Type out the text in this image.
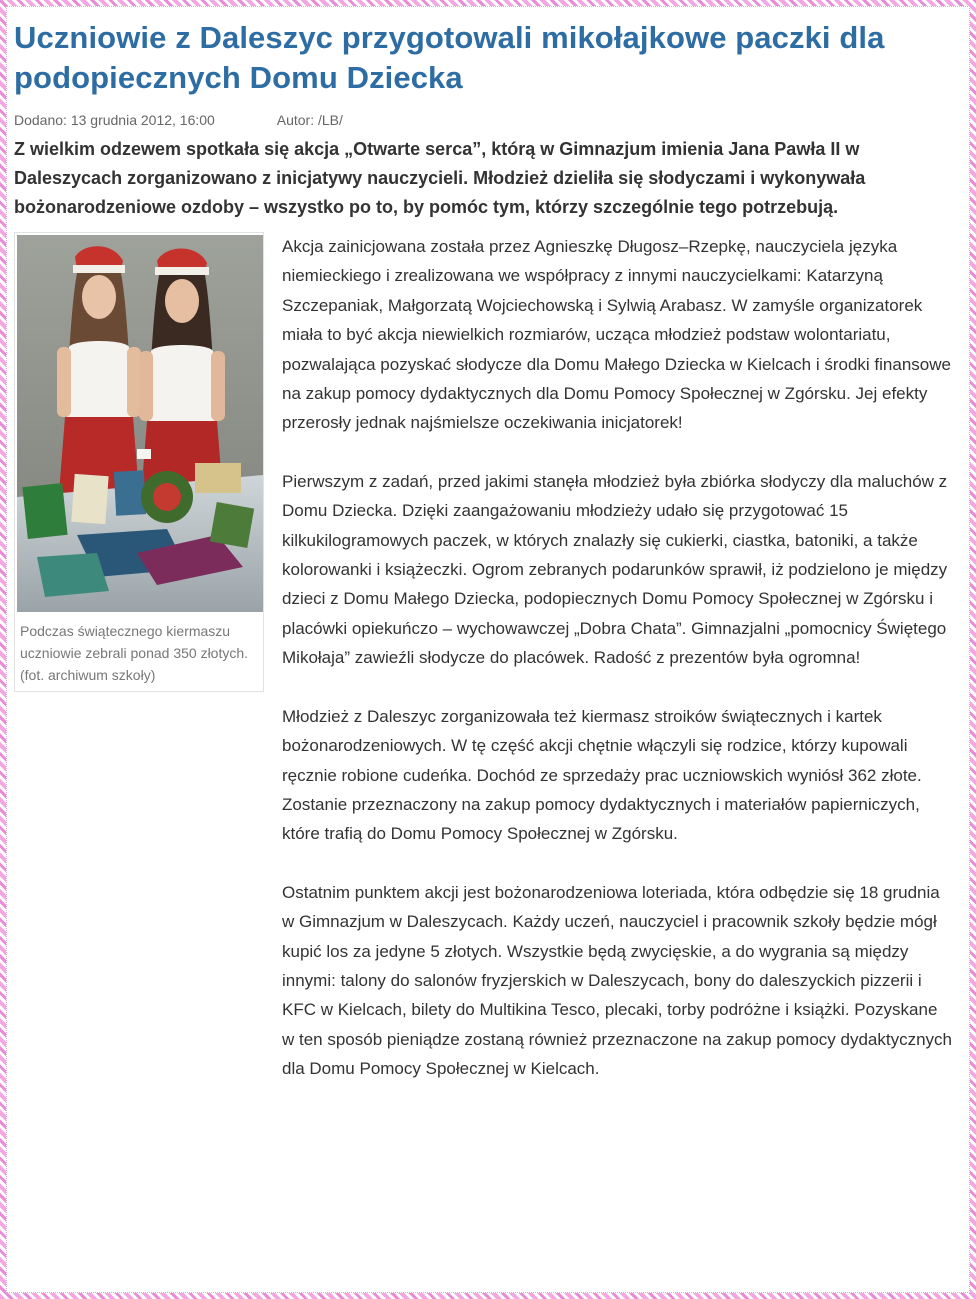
Uczniowie z Daleszyc przygotowali mikołajkowe paczki dla podopiecznych Domu Dziecka
Dodano: 13 grudnia 2012, 16:00	Autor: /LB/
Z wielkim odzewem spotkała się akcja „Otwarte serca”, którą w Gimnazjum imienia Jana Pawła II w Daleszycach zorganizowano z inicjatywy nauczycieli. Młodzież dzieliła się słodyczami i wykonywała bożonarodzeniowe ozdoby – wszystko po to, by pomóc tym, którzy szczególnie tego potrzebują.
Podczas świątecznego kiermaszu uczniowie zebrali ponad 350 złotych. (fot. archiwum szkoły)

Akcja zainicjowana została przez Agnieszkę Długosz–Rzepkę, nauczyciela języka niemieckiego i zrealizowana we współpracy z innymi nauczycielkami: Katarzyną Szczepaniak, Małgorzatą Wojciechowską i Sylwią Arabasz. W zamyśle organizatorek miała to być akcja niewielkich rozmiarów, ucząca młodzież podstaw wolontariatu, pozwalająca pozyskać słodycze dla Domu Małego Dziecka w Kielcach i środki finansowe na zakup pomocy dydaktycznych dla Domu Pomocy Społecznej w Zgórsku. Jej efekty przerosły jednak najśmielsze oczekiwania inicjatorek!

Pierwszym z zadań, przed jakimi stanęła młodzież była zbiórka słodyczy dla maluchów z Domu Dziecka. Dzięki zaangażowaniu młodzieży udało się przygotować 15 kilkukilogramowych paczek, w których znalazły się cukierki, ciastka, batoniki, a także kolorowanki i książeczki. Ogrom zebranych podarunków sprawił, iż podzielono je między dzieci z Domu Małego Dziecka, podopiecznych Domu Pomocy Społecznej w Zgórsku i placówki opiekuńczo – wychowawczej „Dobra Chata”. Gimnazjalni „pomocnicy Świętego Mikołaja” zawieźli słodycze do placówek. Radość z prezentów była ogromna!

Młodzież z Daleszyc zorganizowała też kiermasz stroików świątecznych i kartek bożonarodzeniowych. W tę część akcji chętnie włączyli się rodzice, którzy kupowali ręcznie robione cudeńka. Dochód ze sprzedaży prac uczniowskich wyniósł 362 złote. Zostanie przeznaczony na zakup pomocy dydaktycznych i materiałów papierniczych, które trafią do Domu Pomocy Społecznej w Zgórsku.

Ostatnim punktem akcji jest bożonarodzeniowa loteriada, która odbędzie się 18 grudnia w Gimnazjum w Daleszycach. Każdy uczeń, nauczyciel i pracownik szkoły będzie mógł kupić los za jedyne 5 złotych. Wszystkie będą zwycięskie, a do wygrania są między innymi: talony do salonów fryzjerskich w Daleszycach, bony do daleszyckich pizzerii i KFC w Kielcach, bilety do Multikina Tesco, plecaki, torby podróżne i książki. Pozyskane w ten sposób pieniądze zostaną również przeznaczone na zakup pomocy dydaktycznych dla Domu Pomocy Społecznej w Kielcach.
